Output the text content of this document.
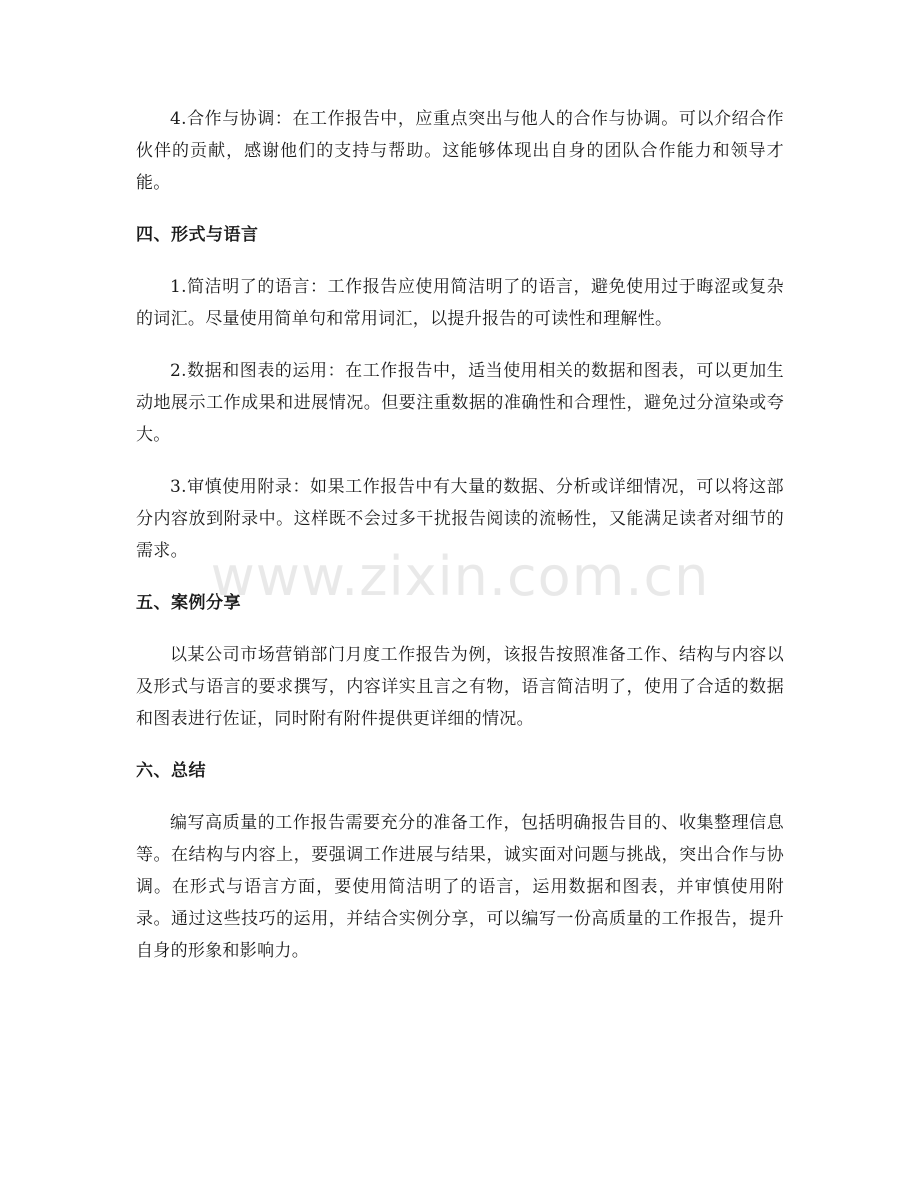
4.合作与协调：在工作报告中，应重点突出与他人的合作与协调。可以介绍合作伙伴的贡献，感谢他们的支持与帮助。这能够体现出自身的团队合作能力和领导才能。

四、形式与语言

1.简洁明了的语言：工作报告应使用简洁明了的语言，避免使用过于晦涩或复杂的词汇。尽量使用简单句和常用词汇，以提升报告的可读性和理解性。

2.数据和图表的运用：在工作报告中，适当使用相关的数据和图表，可以更加生动地展示工作成果和进展情况。但要注重数据的准确性和合理性，避免过分渲染或夸大。

3.审慎使用附录：如果工作报告中有大量的数据、分析或详细情况，可以将这部分内容放到附录中。这样既不会过多干扰报告阅读的流畅性，又能满足读者对细节的需求。

五、案例分享

以某公司市场营销部门月度工作报告为例，该报告按照准备工作、结构与内容以及形式与语言的要求撰写，内容详实且言之有物，语言简洁明了，使用了合适的数据和图表进行佐证，同时附有附件提供更详细的情况。

六、总结

编写高质量的工作报告需要充分的准备工作，包括明确报告目的、收集整理信息等。在结构与内容上，要强调工作进展与结果，诚实面对问题与挑战，突出合作与协调。在形式与语言方面，要使用简洁明了的语言，运用数据和图表，并审慎使用附录。通过这些技巧的运用，并结合实例分享，可以编写一份高质量的工作报告，提升自身的形象和影响力。

www.zixin.com.cn
